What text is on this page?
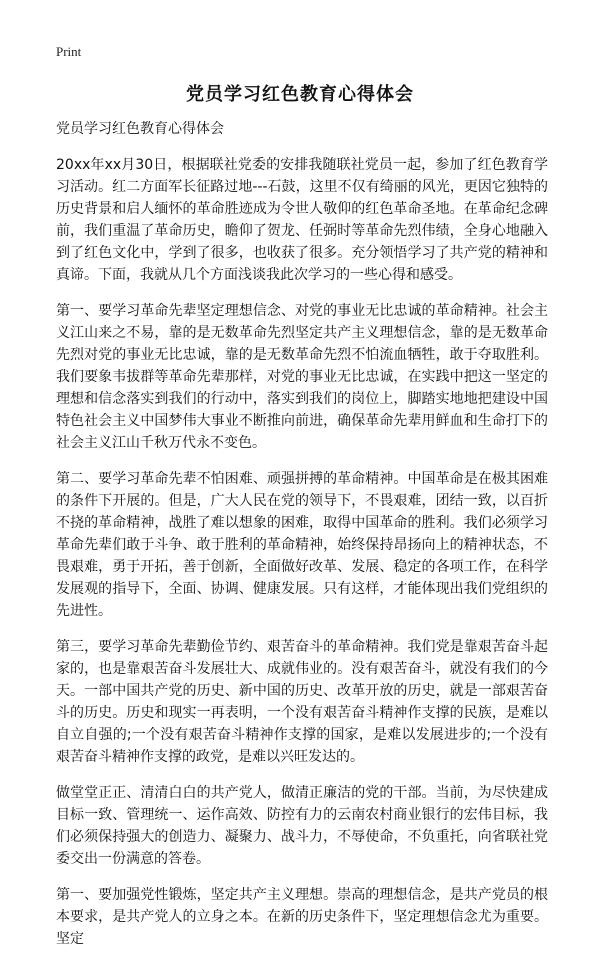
Print
党员学习红色教育心得体会

党员学习红色教育心得体会

20xx年xx月30日，根据联社党委的安排我随联社党员一起，参加了红色教育学习活动。红二方面军长征路过地---石鼓，这里不仅有绮丽的风光，更因它独特的历史背景和启人缅怀的革命胜迹成为令世人敬仰的红色革命圣地。在革命纪念碑前，我们重温了革命历史，瞻仰了贺龙、任弼时等革命先烈伟绩，全身心地融入到了红色文化中，学到了很多，也收获了很多。充分领悟学习了共产党的精神和真谛。下面，我就从几个方面浅谈我此次学习的一些心得和感受。

第一、要学习革命先辈坚定理想信念、对党的事业无比忠诚的革命精神。社会主义江山来之不易，靠的是无数革命先烈坚定共产主义理想信念，靠的是无数革命先烈对党的事业无比忠诚，靠的是无数革命先烈不怕流血牺牲，敢于夺取胜利。我们要象韦拔群等革命先辈那样，对党的事业无比忠诚，在实践中把这一坚定的理想和信念落实到我们的行动中，落实到我们的岗位上，脚踏实地地把建设中国特色社会主义中国梦伟大事业不断推向前进，确保革命先辈用鲜血和生命打下的社会主义江山千秋万代永不变色。

第二、要学习革命先辈不怕困难、顽强拼搏的革命精神。中国革命是在极其困难的条件下开展的。但是，广大人民在党的领导下，不畏艰难，团结一致，以百折不挠的革命精神，战胜了难以想象的困难，取得中国革命的胜利。我们必须学习革命先辈们敢于斗争、敢于胜利的革命精神，始终保持昂扬向上的精神状态，不畏艰难，勇于开拓，善于创新，全面做好改革、发展、稳定的各项工作，在科学发展观的指导下，全面、协调、健康发展。只有这样，才能体现出我们党组织的先进性。

第三，要学习革命先辈勤俭节约、艰苦奋斗的革命精神。我们党是靠艰苦奋斗起家的，也是靠艰苦奋斗发展壮大、成就伟业的。没有艰苦奋斗，就没有我们的今天。一部中国共产党的历史、新中国的历史、改革开放的历史，就是一部艰苦奋斗的历史。历史和现实一再表明，一个没有艰苦奋斗精神作支撑的民族，是难以自立自强的;一个没有艰苦奋斗精神作支撑的国家，是难以发展进步的;一个没有艰苦奋斗精神作支撑的政党，是难以兴旺发达的。

做堂堂正正、清清白白的共产党人，做清正廉洁的党的干部。当前，为尽快建成目标一致、管理统一、运作高效、防控有力的云南农村商业银行的宏伟目标，我们必须保持强大的创造力、凝聚力、战斗力，不辱使命，不负重托，向省联社党委交出一份满意的答卷。

第一、要加强党性锻炼，坚定共产主义理想。崇高的理想信念，是共产党员的根本要求，是共产党人的立身之本。在新的历史条件下，坚定理想信念尤为重要。坚定
